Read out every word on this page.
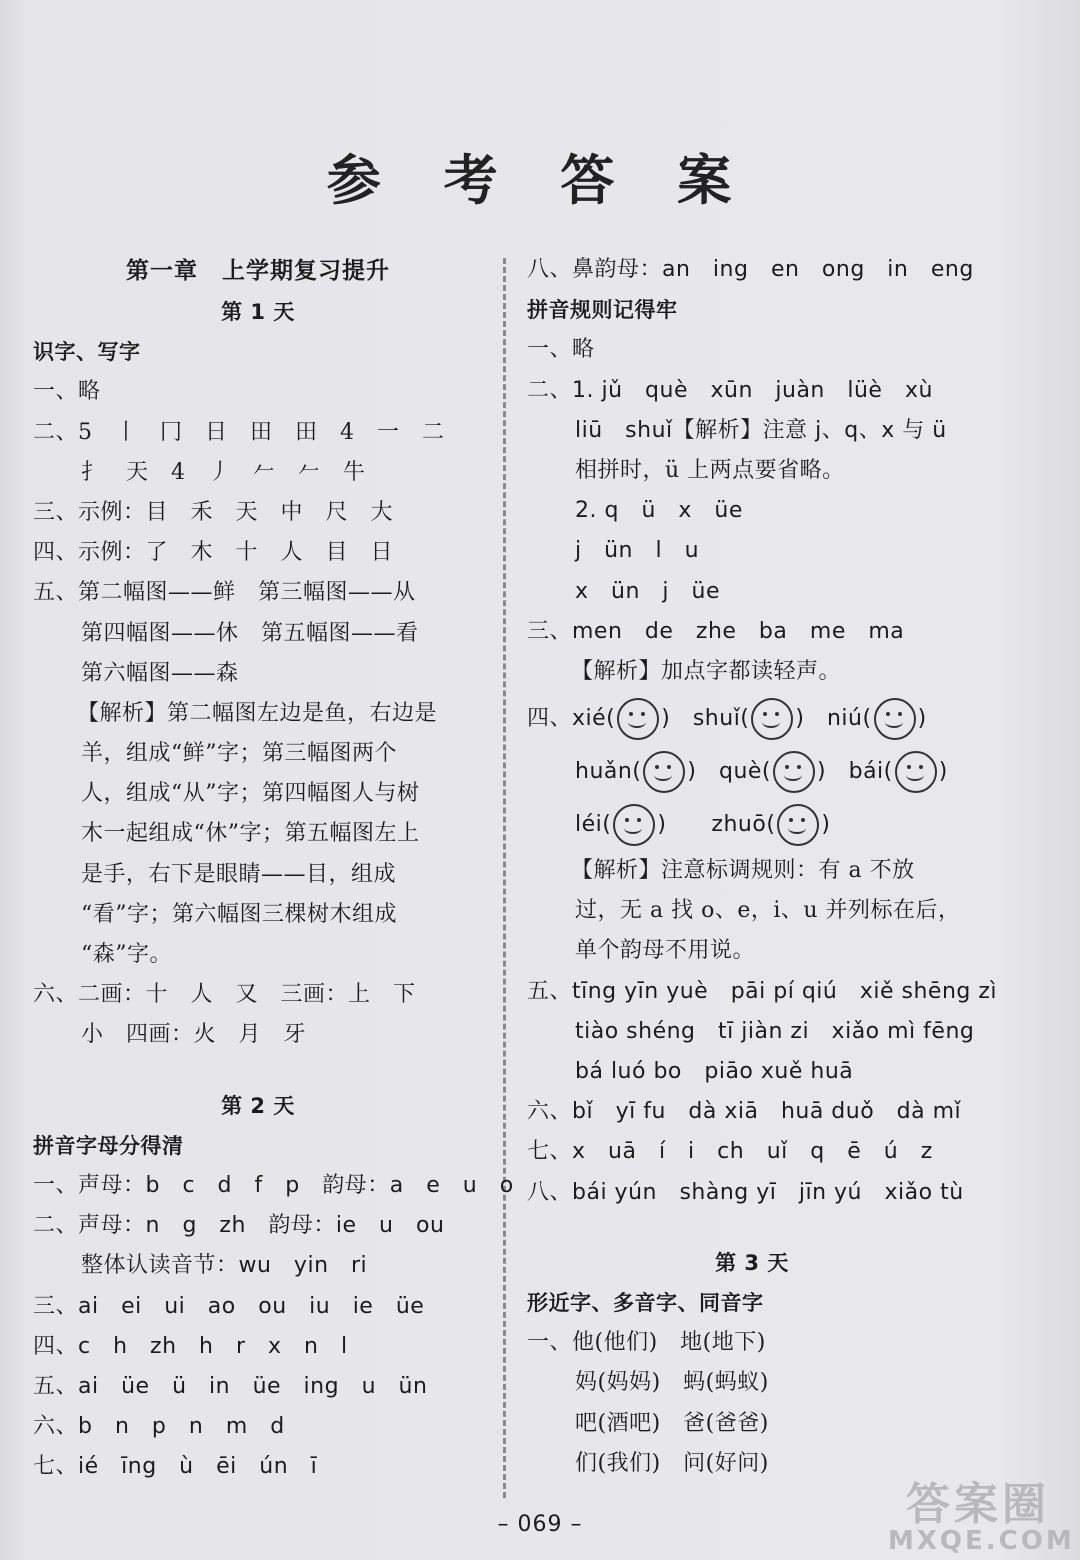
参 考 答 案
第一章　上学期复习提升
第 1 天
识字、写字
一、略
二、5　丨　冂　日　田　田　4　一　二
扌　天　4　丿　𠂉　𠂉　牛
三、示例：目　禾　天　中　尺　大
四、示例：了　木　十　人　目　日
五、第二幅图——鲜　第三幅图——从
第四幅图——休　第五幅图——看
第六幅图——森
【解析】第二幅图左边是鱼，右边是
羊，组成“鲜”字；第三幅图两个
人，组成“从”字；第四幅图人与树
木一起组成“休”字；第五幅图左上
是手，右下是眼睛——目，组成
“看”字；第六幅图三棵树木组成
“森”字。
六、二画：十　人　又　三画：上　下
小　四画：火　月　牙
第 2 天
拼音字母分得清
一、声母：b　c　d　f　p　韵母：a　e　u　o
二、声母：n　g　zh　韵母：ie　u　ou
整体认读音节：wu　yin　ri
三、ai　ei　ui　ao　ou　iu　ie　üe
四、c　h　zh　h　r　x　n　l
五、ai　üe　ü　in　üe　ing　u　ün
六、b　n　p　n　m　d
七、ié　īng　ù　ēi　ún　ī
八、鼻韵母：an　ing　en　ong　in　eng
拼音规则记得牢
一、略
二、1. jǔ　què　xūn　juàn　lüè　xù
liū　shuǐ【解析】注意 j、q、x 与 ü
相拼时，ü 上两点要省略。
2. q　ü　x　üe
j　ün　l　u
x　ün　j　üe
三、men　de　zhe　ba　me　ma
【解析】加点字都读轻声。
四、xié( )　shuǐ( )　niú( )
huǎn( )　què( )　bái( )
léi( )　　zhuō( )
【解析】注意标调规则：有 a 不放
过，无 a 找 o、e，i、u 并列标在后，
单个韵母不用说。
五、tīng yīn yuè　pāi pí qiú　xiě shēng zì
tiào shéng　tī jiàn zi　xiǎo mì fēng
bá luó bo　piāo xuě huā
六、bǐ　yī fu　dà xiā　huā duǒ　dà mǐ
七、x　uā　í　i　ch　uǐ　q　ē　ú　z
八、bái yún　shàng yī　jīn yú　xiǎo tù
第 3 天
形近字、多音字、同音字
一、他(他们)　地(地下)
妈(妈妈)　蚂(蚂蚁)
吧(酒吧)　爸(爸爸)
们(我们)　问(好问)
– 069 –	答案圈
MXQE.COM
